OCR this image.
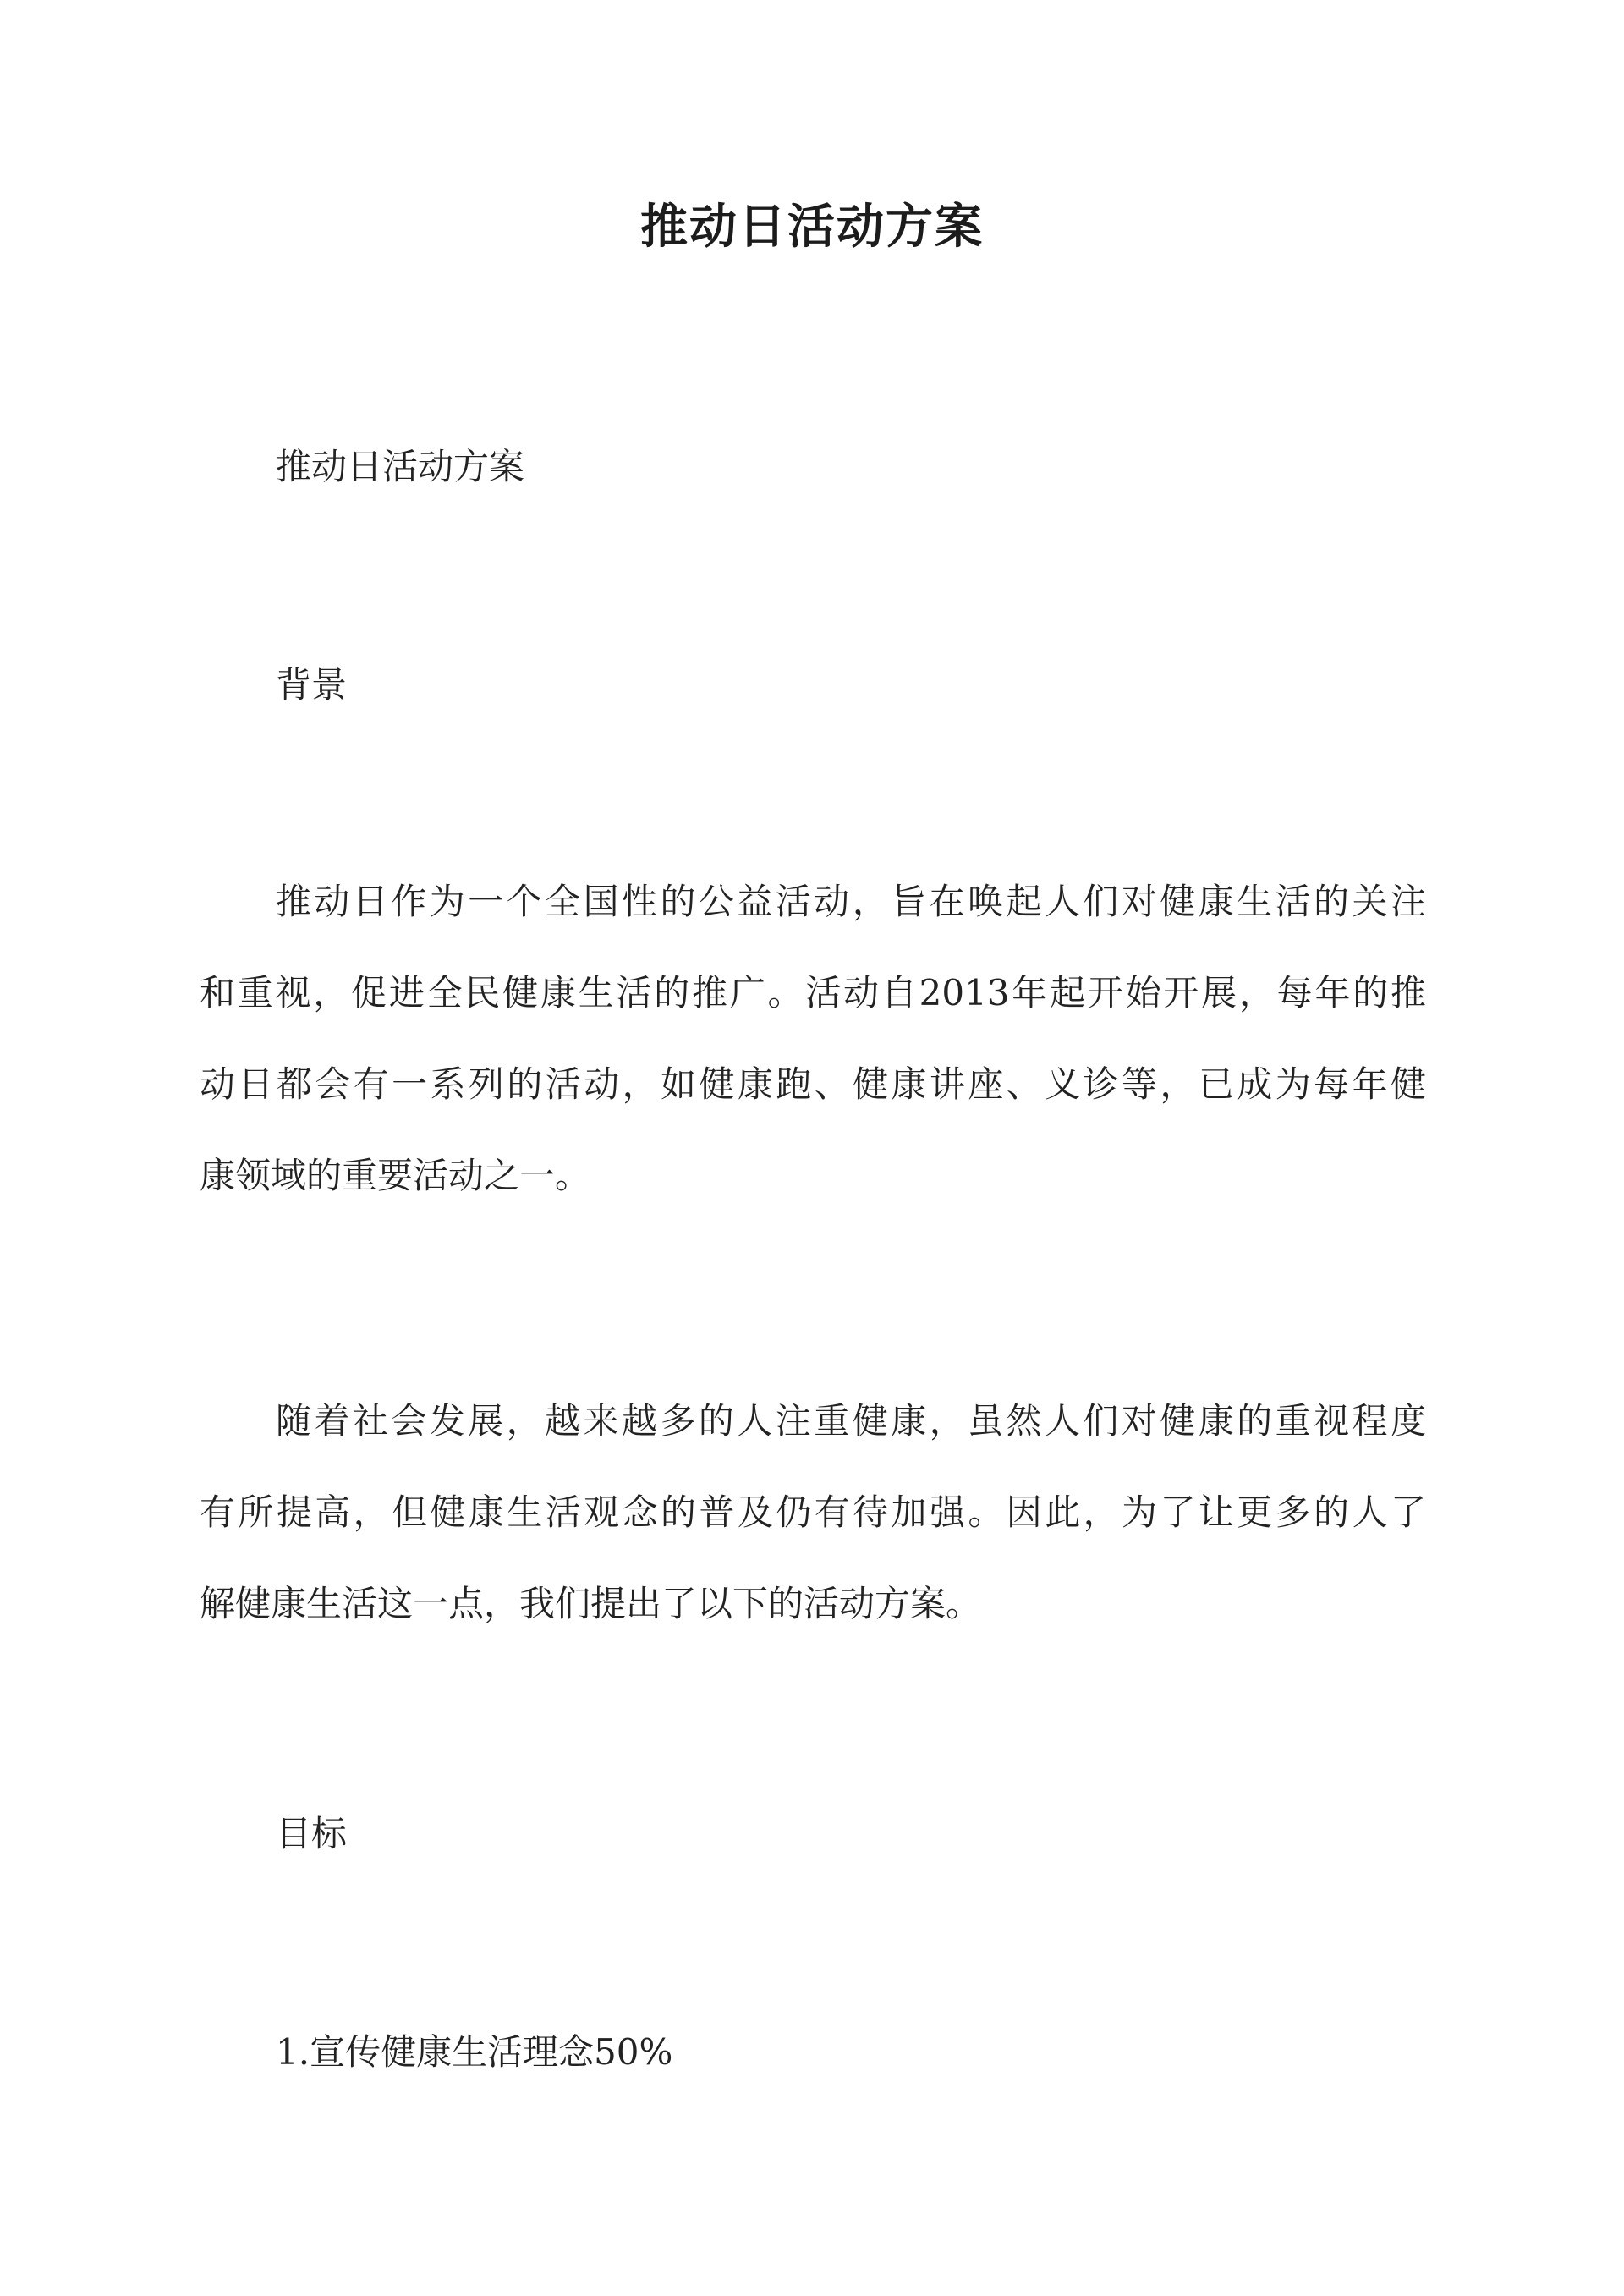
推动日活动方案
推动日活动方案
背景
推动日作为一个全国性的公益活动，旨在唤起人们对健康生活的关注
和重视，促进全民健康生活的推广。活动自2013年起开始开展，每年的推
动日都会有一系列的活动，如健康跑、健康讲座、义诊等，已成为每年健
康领域的重要活动之一。
随着社会发展，越来越多的人注重健康，虽然人们对健康的重视程度
有所提高，但健康生活观念的普及仍有待加强。因此，为了让更多的人了
解健康生活这一点，我们提出了以下的活动方案。
目标
1.宣传健康生活理念50%
